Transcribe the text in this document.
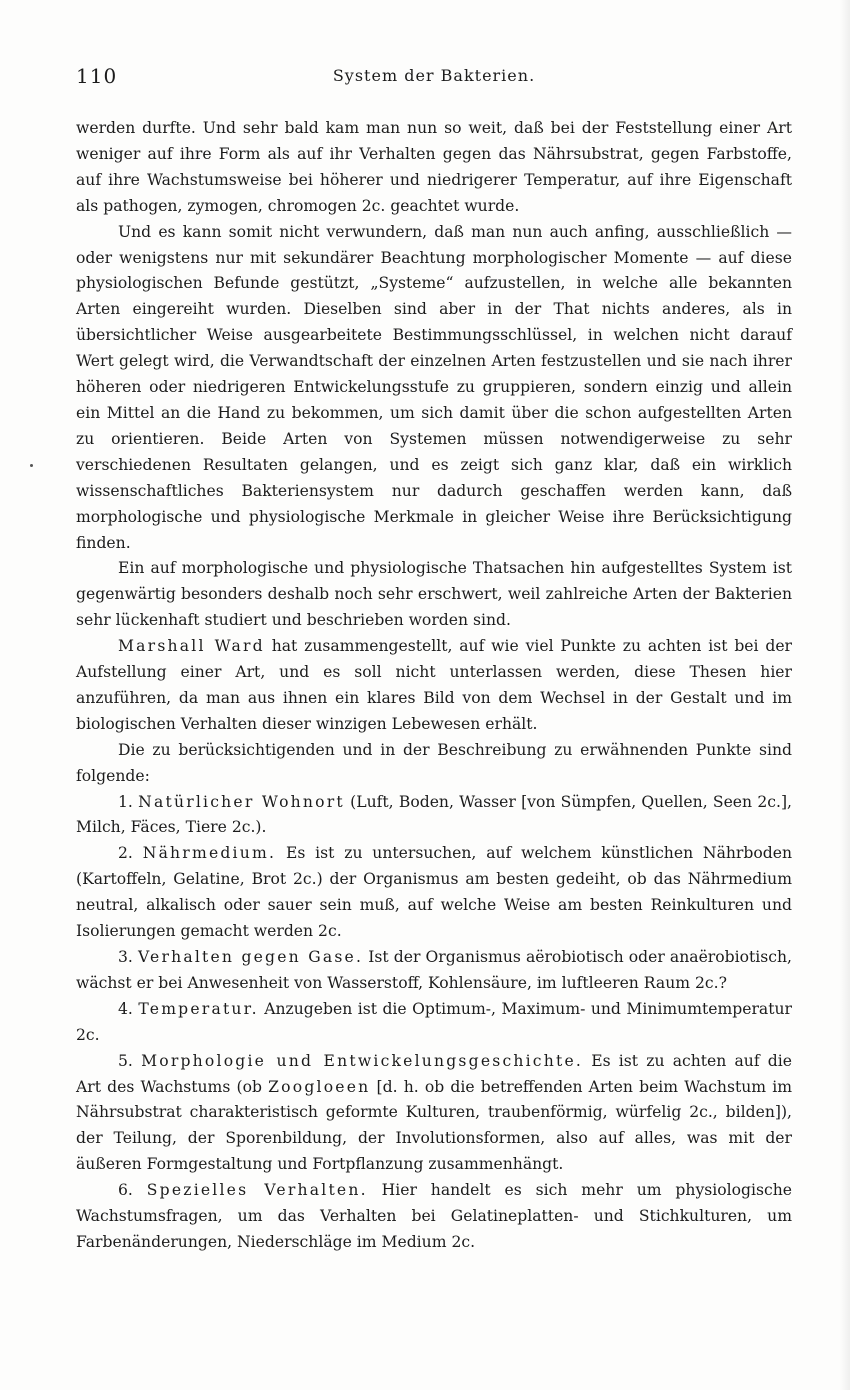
110	System der Bakterien.

werden durfte. Und sehr bald kam man nun so weit, daß bei der Feststellung einer Art weniger auf ihre Form als auf ihr Verhalten gegen das Nährsubstrat, gegen Farbstoffe, auf ihre Wachstumsweise bei höherer und niedrigerer Temperatur, auf ihre Eigenschaft als pathogen, zymogen, chromogen 2c. geachtet wurde.

Und es kann somit nicht verwundern, daß man nun auch anfing, ausschließlich — oder wenigstens nur mit sekundärer Beachtung morphologischer Momente — auf diese physiologischen Befunde gestützt, „Systeme“ aufzustellen, in welche alle bekannten Arten eingereiht wurden. Dieselben sind aber in der That nichts anderes, als in übersichtlicher Weise ausgearbeitete Bestimmungsschlüssel, in welchen nicht darauf Wert gelegt wird, die Verwandtschaft der einzelnen Arten festzustellen und sie nach ihrer höheren oder niedrigeren Entwickelungsstufe zu gruppieren, sondern einzig und allein ein Mittel an die Hand zu bekommen, um sich damit über die schon aufgestellten Arten zu orientieren. Beide Arten von Systemen müssen notwendigerweise zu sehr verschiedenen Resultaten gelangen, und es zeigt sich ganz klar, daß ein wirklich wissenschaftliches Bakteriensystem nur dadurch geschaffen werden kann, daß morphologische und physiologische Merkmale in gleicher Weise ihre Berücksichtigung finden.

Ein auf morphologische und physiologische Thatsachen hin aufgestelltes System ist gegenwärtig besonders deshalb noch sehr erschwert, weil zahlreiche Arten der Bakterien sehr lückenhaft studiert und beschrieben worden sind.

Marshall Ward hat zusammengestellt, auf wie viel Punkte zu achten ist bei der Aufstellung einer Art, und es soll nicht unterlassen werden, diese Thesen hier anzuführen, da man aus ihnen ein klares Bild von dem Wechsel in der Gestalt und im biologischen Verhalten dieser winzigen Lebewesen erhält.

Die zu berücksichtigenden und in der Beschreibung zu erwähnenden Punkte sind folgende:

1. Natürlicher Wohnort (Luft, Boden, Wasser [von Sümpfen, Quellen, Seen 2c.], Milch, Fäces, Tiere 2c.).

2. Nährmedium. Es ist zu untersuchen, auf welchem künstlichen Nährboden (Kartoffeln, Gelatine, Brot 2c.) der Organismus am besten gedeiht, ob das Nährmedium neutral, alkalisch oder sauer sein muß, auf welche Weise am besten Reinkulturen und Isolierungen gemacht werden 2c.

3. Verhalten gegen Gase. Ist der Organismus aërobiotisch oder anaërobiotisch, wächst er bei Anwesenheit von Wasserstoff, Kohlensäure, im luftleeren Raum 2c.?

4. Temperatur. Anzugeben ist die Optimum-, Maximum- und Minimumtemperatur 2c.

5. Morphologie und Entwickelungsgeschichte. Es ist zu achten auf die Art des Wachstums (ob Zoogloeen [d. h. ob die betreffenden Arten beim Wachstum im Nährsubstrat charakteristisch geformte Kulturen, traubenförmig, würfelig 2c., bilden]), der Teilung, der Sporenbildung, der Involutionsformen, also auf alles, was mit der äußeren Formgestaltung und Fortpflanzung zusammenhängt.

6. Spezielles Verhalten. Hier handelt es sich mehr um physiologische Wachstumsfragen, um das Verhalten bei Gelatineplatten- und Stichkulturen, um Farbenänderungen, Niederschläge im Medium 2c.
